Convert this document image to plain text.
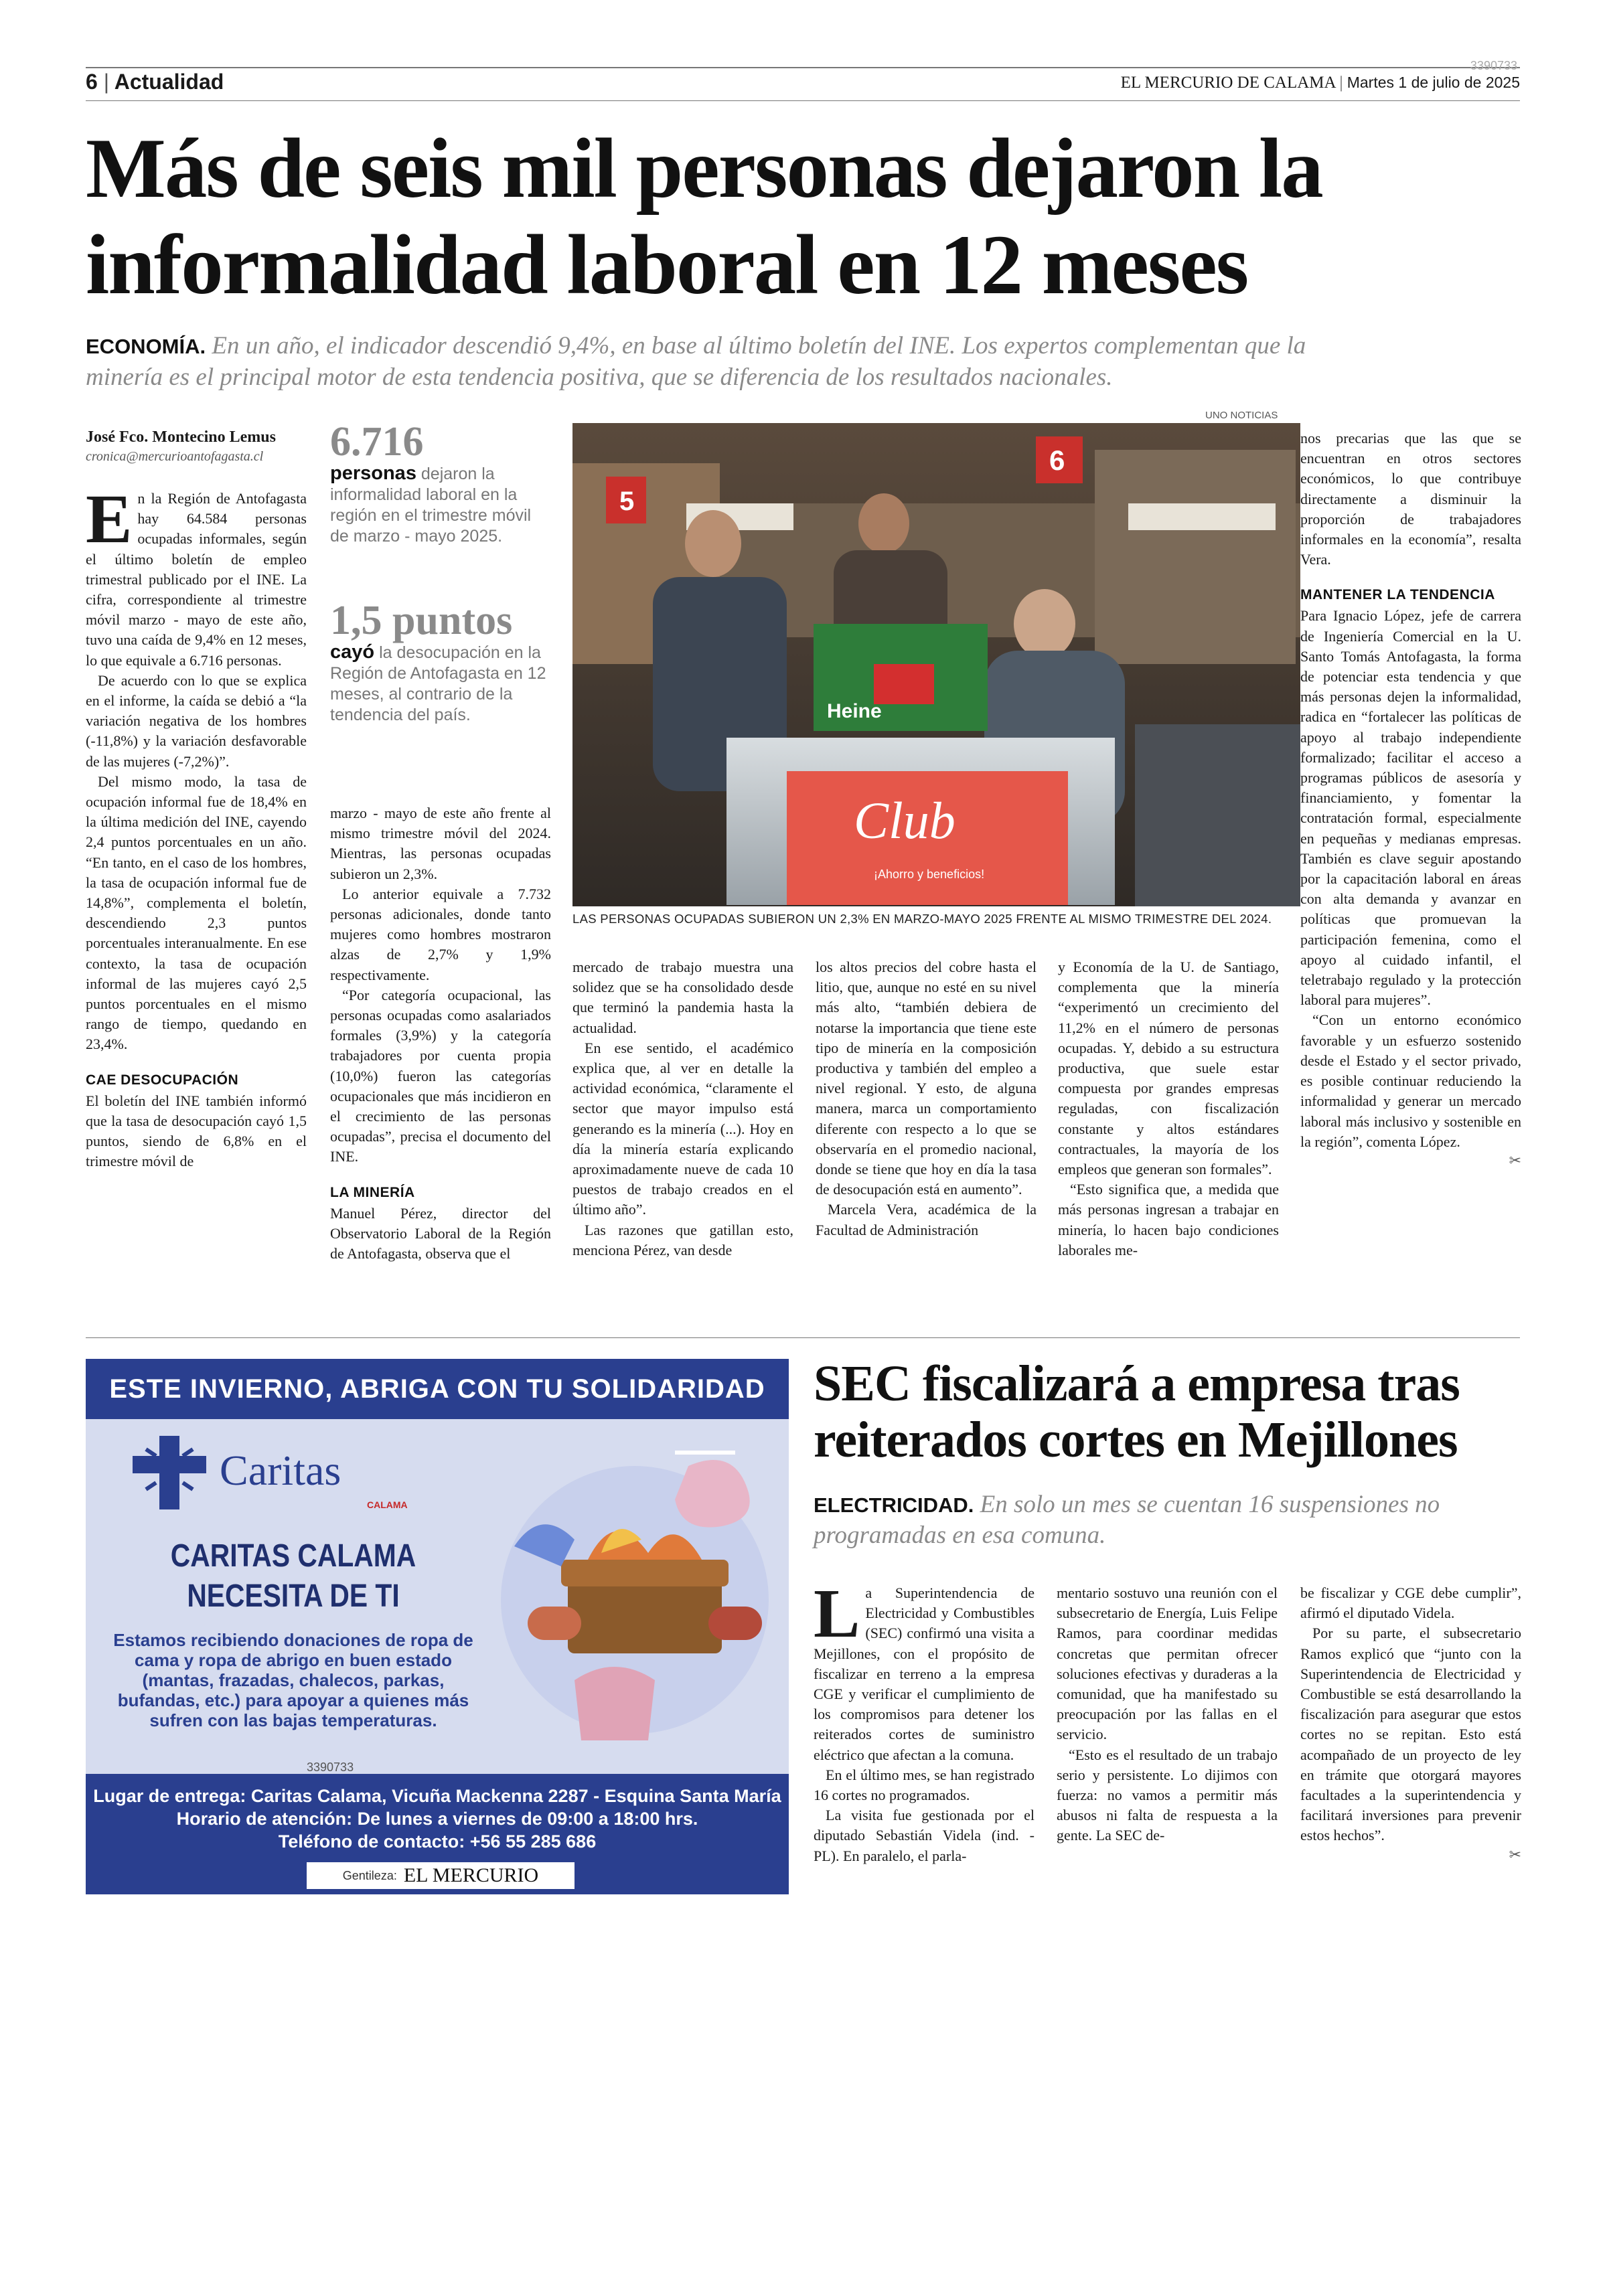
6 | Actualidad	EL MERCURIO DE CALAMA | Martes 1 de julio de 2025
3390733
Más de seis mil personas dejaron la
informalidad laboral en 12 meses
ECONOMÍA. En un año, el indicador descendió 9,4%, en base al último boletín del INE. Los expertos complementan que la
minería es el principal motor de esta tendencia positiva, que se diferencia de los resultados nacionales.
José Fco. Montecino Lemus
cronica@mercurioantofagasta.cl	6.716
personas dejaron la informalidad laboral en la región en el trimestre móvil de marzo - mayo 2025.
1,5 puntos
cayó la desocupación en la Región de Antofagasta en 12 meses, al contrario de la tendencia del país.
UNO NOTICIAS
5
6
Heine
Club
¡Ahorro y beneficios!
LAS PERSONAS OCUPADAS SUBIERON UN 2,3% EN MARZO-MAYO 2025 FRENTE AL MISMO TRIMESTRE DEL 2024.

En la Región de Antofagasta hay 64.584 personas ocupadas informales, según el último boletín de empleo trimestral publicado por el INE. La cifra, correspondiente al trimestre móvil marzo - mayo de este año, tuvo una caída de 9,4% en 12 meses, lo que equivale a 6.716 personas.

De acuerdo con lo que se explica en el informe, la caída se debió a “la variación negativa de los hombres (-11,8%) y la variación desfavorable de las mujeres (-7,2%)”.

Del mismo modo, la tasa de ocupación informal fue de 18,4% en la última medición del INE, cayendo 2,4 puntos porcentuales en un año. “En tanto, en el caso de los hombres, la tasa de ocupación informal fue de 14,8%”, complementa el boletín, descendiendo 2,3 puntos porcentuales interanualmente. En ese contexto, la tasa de ocupación informal de las mujeres cayó 2,5 puntos porcentuales en el mismo rango de tiempo, quedando en 23,4%.

CAE DESOCUPACIÓN

El boletín del INE también informó que la tasa de desocupación cayó 1,5 puntos, siendo de 6,8% en el trimestre móvil de

marzo - mayo de este año frente al mismo trimestre móvil del 2024. Mientras, las personas ocupadas subieron un 2,3%.

Lo anterior equivale a 7.732 personas adicionales, donde tanto mujeres como hombres mostraron alzas de 2,7% y 1,9% respectivamente.

“Por categoría ocupacional, las personas ocupadas como asalariados formales (3,9%) y la categoría trabajadores por cuenta propia (10,0%) fueron las categorías ocupacionales que más incidieron en el crecimiento de las personas ocupadas”, precisa el documento del INE.

LA MINERÍA

Manuel Pérez, director del Observatorio Laboral de la Región de Antofagasta, observa que el

mercado de trabajo muestra una solidez que se ha consolidado desde que terminó la pandemia hasta la actualidad.

En ese sentido, el académico explica que, al ver en detalle la actividad económica, “claramente el sector que mayor impulso está generando es la minería (...). Hoy en día la minería estaría explicando aproximadamente nueve de cada 10 puestos de trabajo creados en el último año”.

Las razones que gatillan esto, menciona Pérez, van desde

los altos precios del cobre hasta el litio, que, aunque no esté en su nivel más alto, “también debiera de notarse la importancia que tiene este tipo de minería en la composición productiva y también del empleo a nivel regional. Y esto, de alguna manera, marca un comportamiento diferente con respecto a lo que se observaría en el promedio nacional, donde se tiene que hoy en día la tasa de desocupación está en aumento”.

Marcela Vera, académica de la Facultad de Administración

y Economía de la U. de Santiago, complementa que la minería “experimentó un crecimiento del 11,2% en el número de personas ocupadas. Y, debido a su estructura productiva, que suele estar compuesta por grandes empresas reguladas, con fiscalización constante y altos estándares contractuales, la mayoría de los empleos que generan son formales”.

“Esto significa que, a medida que más personas ingresan a trabajar en minería, lo hacen bajo condiciones laborales me-

nos precarias que las que se encuentran en otros sectores económicos, lo que contribuye directamente a disminuir la proporción de trabajadores informales en la economía”, resalta Vera.

MANTENER LA TENDENCIA

Para Ignacio López, jefe de carrera de Ingeniería Comercial en la U. Santo Tomás Antofagasta, la forma de potenciar esta tendencia y que más personas dejen la informalidad, radica en “fortalecer las políticas de apoyo al trabajo independiente formalizado; facilitar el acceso a programas públicos de asesoría y financiamiento, y fomentar la contratación formal, especialmente en pequeñas y medianas empresas. También es clave seguir apostando por la capacitación laboral en áreas con alta demanda y avanzar en políticas que promuevan la participación femenina, como el apoyo al cuidado infantil, el teletrabajo regulado y la protección laboral para mujeres”.

“Con un entorno económico favorable y un esfuerzo sostenido desde el Estado y el sector privado, es posible continuar reduciendo la informalidad y generar un mercado laboral más inclusivo y sostenible en la región”, comenta López.

✂
ESTE INVIERNO, ABRIGA CON TU SOLIDARIDAD
Caritas
CALAMA
CARITAS CALAMA
NECESITA DE TI
Estamos recibiendo donaciones de ropa de cama y ropa de abrigo en buen estado (mantas, frazadas, chalecos, parkas, bufandas, etc.) para apoyar a quienes más sufren con las bajas temperaturas.
3390733
Lugar de entrega: Caritas Calama, Vicuña Mackenna 2287 - Esquina Santa María
Horario de atención: De lunes a viernes de 09:00 a 18:00 hrs.
Teléfono de contacto: +56 55 285 686
Gentileza: EL MERCURIO
SEC fiscalizará a empresa tras
reiterados cortes en Mejillones
ELECTRICIDAD. En solo un mes se cuentan 16 suspensiones no
programadas en esa comuna.

La Superintendencia de Electricidad y Combustibles (SEC) confirmó una visita a Mejillones, con el propósito de fiscalizar en terreno a la empresa CGE y verificar el cumplimiento de los compromisos para detener los reiterados cortes de suministro eléctrico que afectan a la comuna.

En el último mes, se han registrado 16 cortes no programados.

La visita fue gestionada por el diputado Sebastián Videla (ind. - PL). En paralelo, el parla-

mentario sostuvo una reunión con el subsecretario de Energía, Luis Felipe Ramos, para coordinar medidas concretas que permitan ofrecer soluciones efectivas y duraderas a la comunidad, que ha manifestado su preocupación por las fallas en el servicio.

“Esto es el resultado de un trabajo serio y persistente. Lo dijimos con fuerza: no vamos a permitir más abusos ni falta de respuesta a la gente. La SEC de-

be fiscalizar y CGE debe cumplir”, afirmó el diputado Videla.

Por su parte, el subsecretario Ramos explicó que “junto con la Superintendencia de Electricidad y Combustible se está desarrollando la fiscalización para asegurar que estos cortes no se repitan. Esto está acompañado de un proyecto de ley en trámite que otorgará mayores facultades a la superintendencia y facilitará inversiones para prevenir estos hechos”.

✂
